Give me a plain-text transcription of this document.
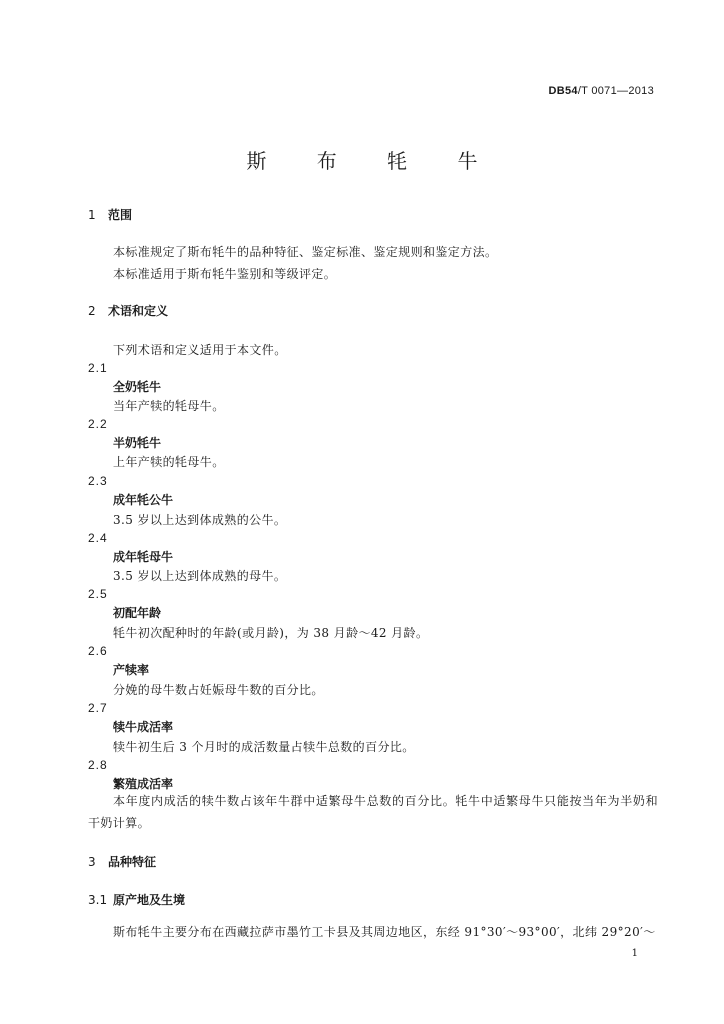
DB54/T 0071—2013
斯 布 牦 牛
1 范围
本标准规定了斯布牦牛的品种特征、鉴定标准、鉴定规则和鉴定方法。
本标准适用于斯布牦牛鉴别和等级评定。
2 术语和定义
下列术语和定义适用于本文件。
2.1
全奶牦牛
当年产犊的牦母牛。
2.2
半奶牦牛
上年产犊的牦母牛。
2.3
成年牦公牛
3.5 岁以上达到体成熟的公牛。
2.4
成年牦母牛
3.5 岁以上达到体成熟的母牛。
2.5
初配年龄
牦牛初次配种时的年龄(或月龄)，为 38 月龄～42 月龄。
2.6
产犊率
分娩的母牛数占妊娠母牛数的百分比。
2.7
犊牛成活率
犊牛初生后 3 个月时的成活数量占犊牛总数的百分比。
2.8
繁殖成活率
本年度内成活的犊牛数占该年牛群中适繁母牛总数的百分比。牦牛中适繁母牛只能按当年为半奶和干奶计算。
3 品种特征
3.1 原产地及生境
斯布牦牛主要分布在西藏拉萨市墨竹工卡县及其周边地区，东经 91°30′～93°00′，北纬 29°20′～
1
